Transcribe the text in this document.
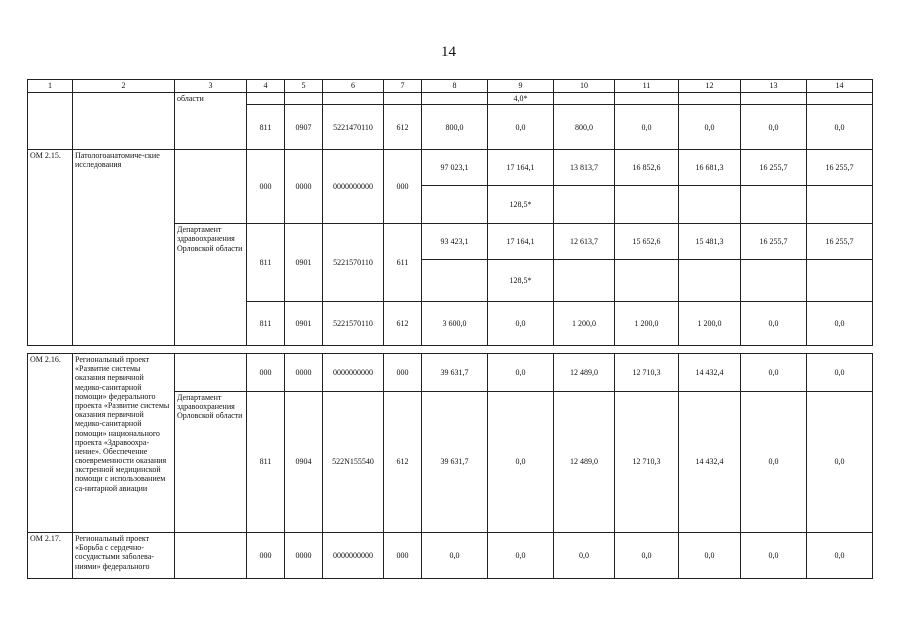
14
1	2	3	4	5	6	7	8	9	10	11	12	13	14
		области						4,0*					
			811	0907	5221470110	612	800,0	0,0	800,0	0,0	0,0	0,0	0,0
ОМ 2.15.	Патологоанатомиче-ские исследования		000	0000	0000000000	000	97 023,1	17 164,1	13 813,7	16 852,6	16 681,3	16 255,7	16 255,7
								128,5*					
		Департамент здравоохранения Орловской области	811	0901	5221570110	611	93 423,1	17 164,1	12 613,7	15 652,6	15 481,3	16 255,7	16 255,7
								128,5*					
			811	0901	5221570110	612	3 600,0	0,0	1 200,0	1 200,0	1 200,0	0,0	0,0
ОМ 2.16.	Региональный проект «Развитие системы оказания первичной медико-санитарной помощи» федерального проекта «Развитие системы оказания первичной медико-санитарной помощи» национального проекта «Здравоохра-нение». Обеспечение своевременности оказания экстренной медицинской помощи с использованием са-нитарной авиации		000	0000	0000000000	000	39 631,7	0,0	12 489,0	12 710,3	14 432,4	0,0	0,0
		Департамент здравоохранения Орловской области	811	0904	522N155540	612	39 631,7	0,0	12 489,0	12 710,3	14 432,4	0,0	0,0
ОМ 2.17.	Региональный проект «Борьба с сердечно-сосудистыми заболева-ниями» федерального		000	0000	0000000000	000	0,0	0,0	0,0	0,0	0,0	0,0	0,0
